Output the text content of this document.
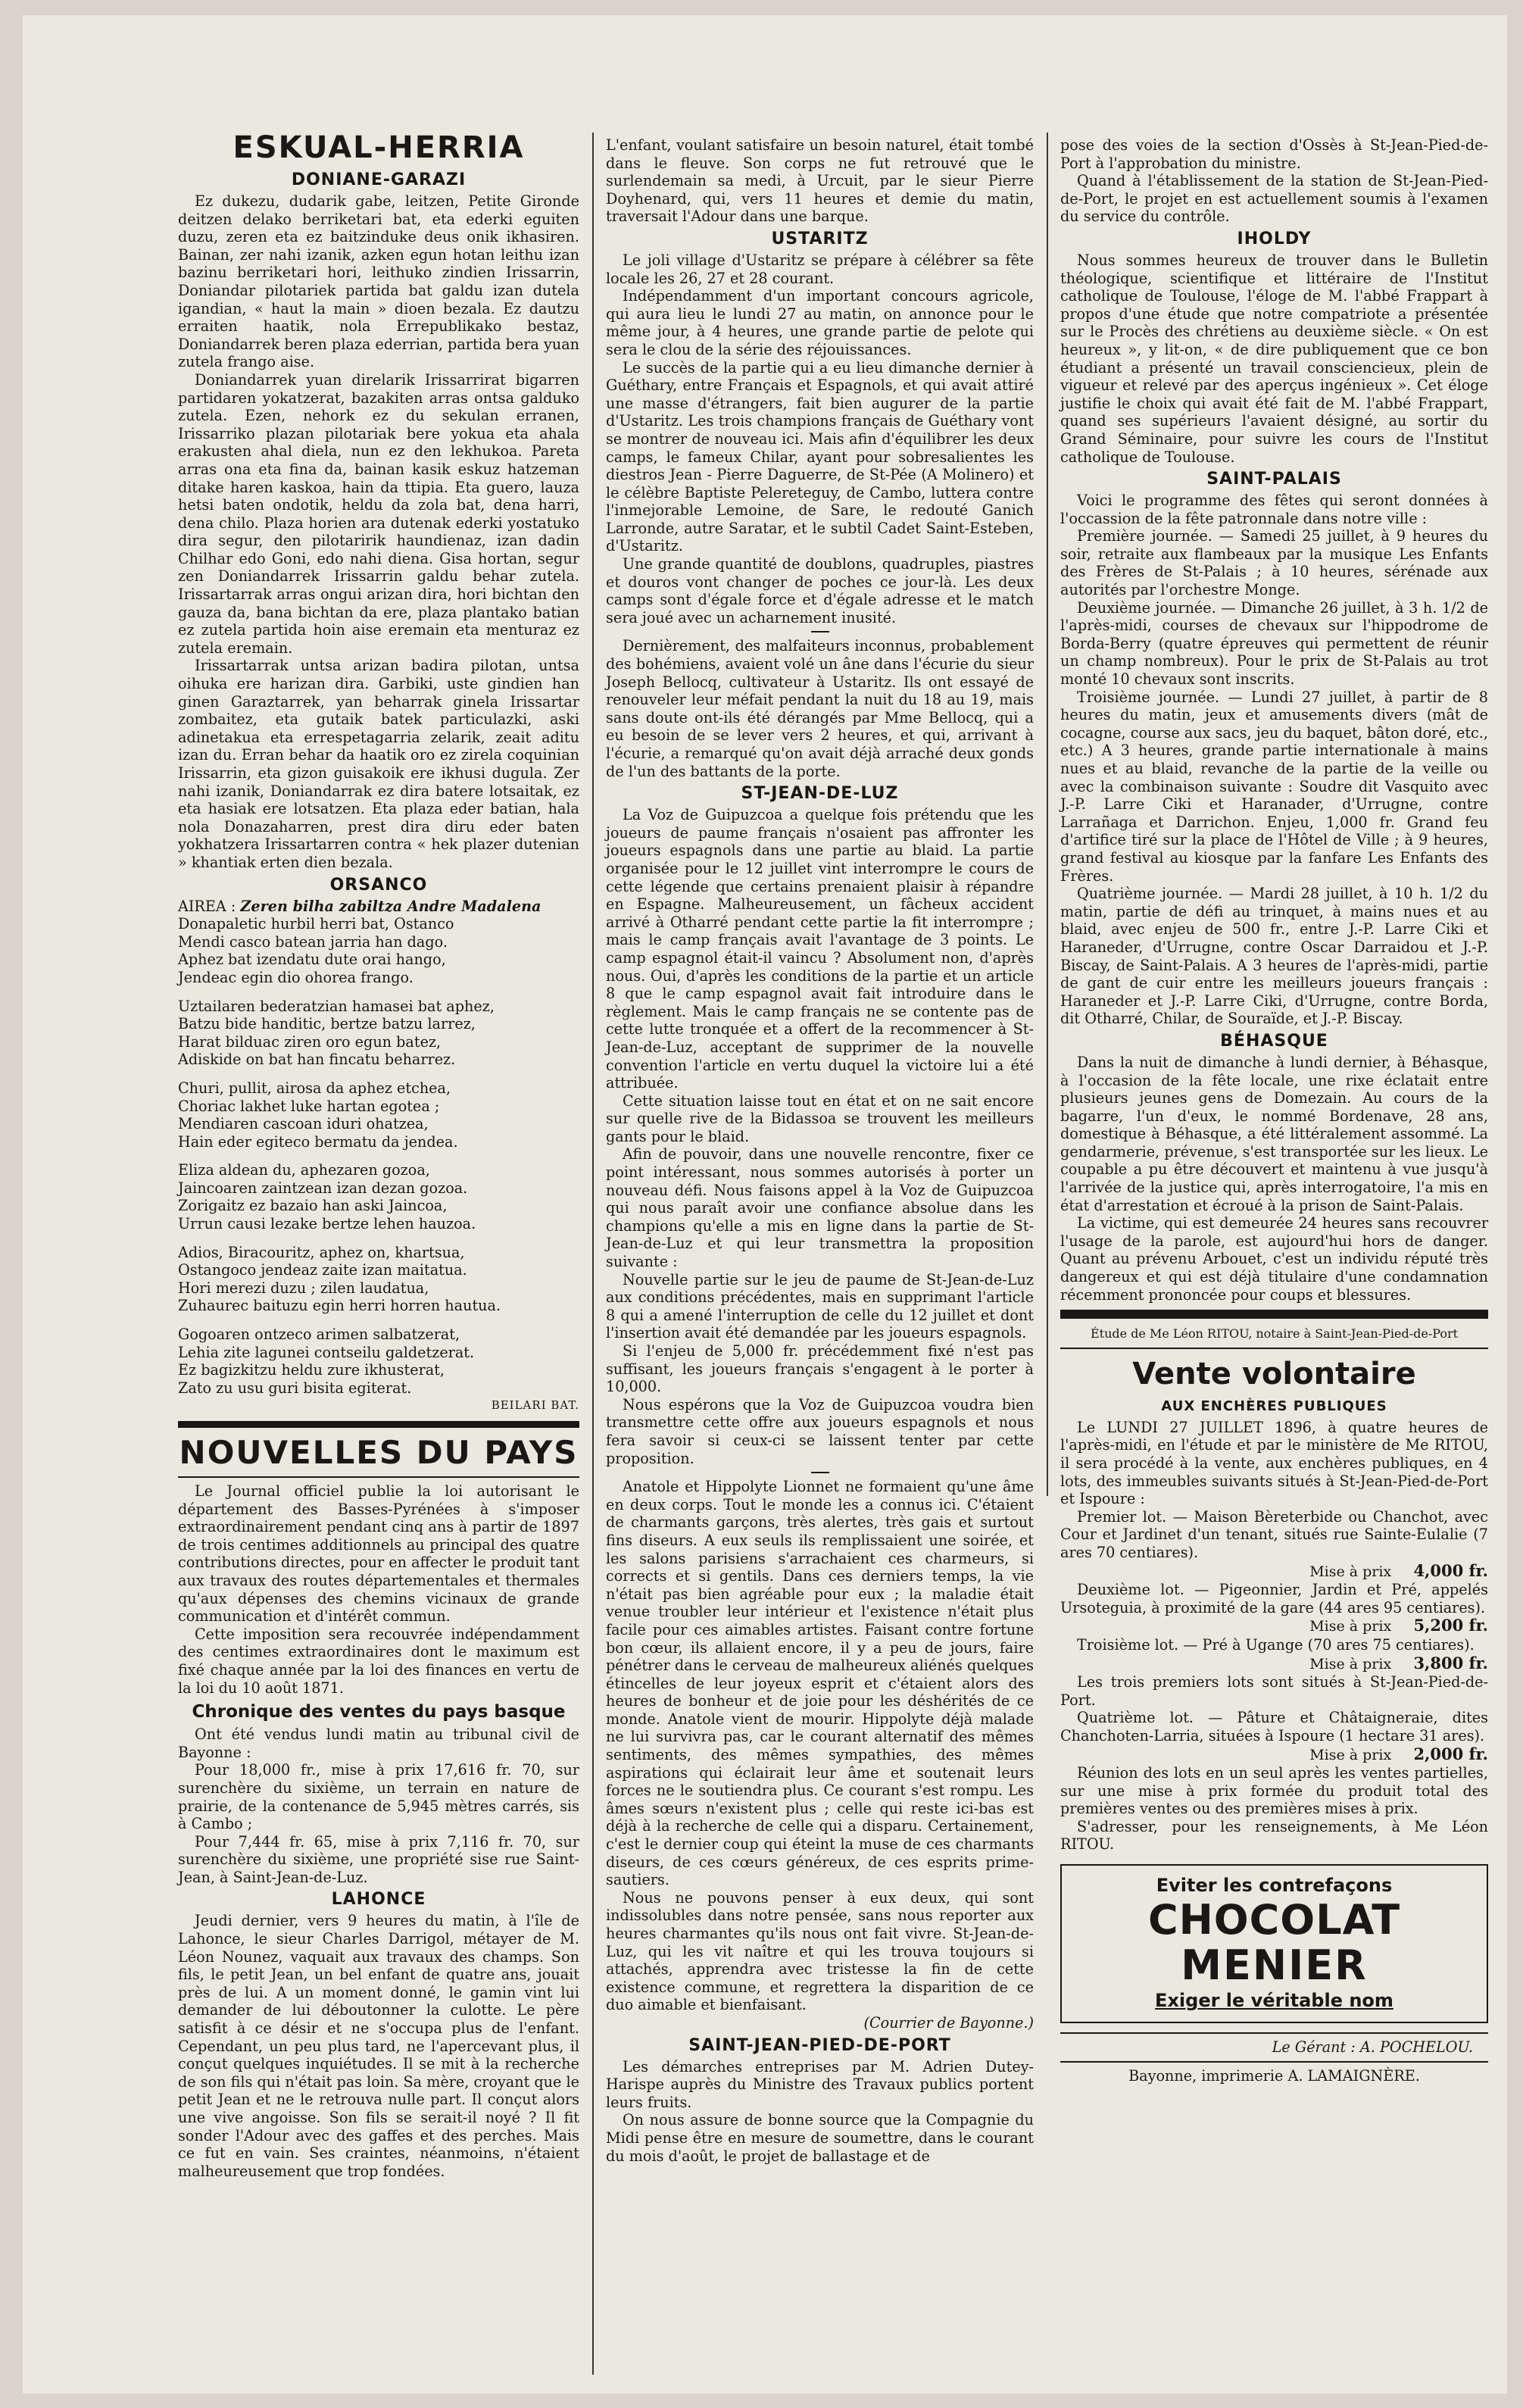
ESKUAL-HERRIA
DONIANE-GARAZI

Ez dukezu, dudarik gabe, leitzen, Petite Gironde deitzen delako berriketari bat, eta ederki eguiten duzu, zeren eta ez baitzinduke deus onik ikhasiren. Bainan, zer nahi izanik, azken egun hotan leithu izan bazinu berriketari hori, leithuko zindien Irissarrin, Doniandar pilotariek partida bat galdu izan dutela igandian, « haut la main » dioen bezala. Ez dautzu erraiten haatik, nola Errepublikako bestaz, Doniandarrek beren plaza ederrian, partida bera yuan zutela frango aise.

Doniandarrek yuan direlarik Irissarrirat bigarren partidaren yokatzerat, bazakiten arras ontsa galduko zutela. Ezen, nehork ez du sekulan erranen, Irissarriko plazan pilotariak bere yokua eta ahala erakusten ahal diela, nun ez den lekhukoa. Pareta arras ona eta fina da, bainan kasik eskuz hatzeman ditake haren kaskoa, hain da ttipia. Eta guero, lauza hetsi baten ondotik, heldu da zola bat, dena harri, dena chilo. Plaza horien ara dutenak ederki yostatuko dira segur, den pilotaririk haundienaz, izan dadin Chilhar edo Goni, edo nahi diena. Gisa hortan, segur zen Doniandarrek Irissarrin galdu behar zutela. Irissartarrak arras ongui arizan dira, hori bichtan den gauza da, bana bichtan da ere, plaza plantako batian ez zutela partida hoin aise eremain eta menturaz ez zutela eremain.

Irissartarrak untsa arizan badira pilotan, untsa oihuka ere harizan dira. Garbiki, uste gindien han ginen Garaztarrek, yan beharrak ginela Irissartar zombaitez, eta gutaik batek particulazki, aski adinetakua eta errespetagarria zelarik, zeait aditu izan du. Erran behar da haatik oro ez zirela coquinian Irissarrin, eta gizon guisakoik ere ikhusi dugula. Zer nahi izanik, Doniandarrak ez dira batere lotsaitak, ez eta hasiak ere lotsatzen. Eta plaza eder batian, hala nola Donazaharren, prest dira diru eder baten yokhatzera Irissartarren contra « hek plazer dutenian » khantiak erten dien bezala.

ORSANCO

AIREA : Zeren bilha zabiltza Andre Madalena

Donapaletic hurbil herri bat, Ostanco

Mendi casco batean jarria han dago.

Aphez bat izendatu dute orai hango,

Jendeac egin dio ohorea frango.

Uztailaren bederatzian hamasei bat aphez,

Batzu bide handitic, bertze batzu larrez,

Harat bilduac ziren oro egun batez,

Adiskide on bat han fincatu beharrez.

Churi, pullit, airosa da aphez etchea,

Choriac lakhet luke hartan egotea ;

Mendiaren cascoan iduri ohatzea,

Hain eder egiteco bermatu da jendea.

Eliza aldean du, aphezaren gozoa,

Jaincoaren zaintzean izan dezan gozoa.

Zorigaitz ez bazaio han aski Jaincoa,

Urrun causi lezake bertze lehen hauzoa.

Adios, Biracouritz, aphez on, khartsua,

Ostangoco jendeaz zaite izan maitatua.

Hori merezi duzu ; zilen laudatua,

Zuhaurec baituzu egin herri horren hautua.

Gogoaren ontzeco arimen salbatzerat,

Lehia zite lagunei contseilu galdetzerat.

Ez bagizkitzu heldu zure ikhusterat,

Zato zu usu guri bisita egiterat.

BEILARI BAT.
NOUVELLES DU PAYS

Le Journal officiel publie la loi autorisant le département des Basses-Pyrénées à s'imposer extraordinairement pendant cinq ans à partir de 1897 de trois centimes additionnels au principal des quatre contributions directes, pour en affecter le produit tant aux travaux des routes départementales et thermales qu'aux dépenses des chemins vicinaux de grande communication et d'intérêt commun.

Cette imposition sera recouvrée indépendamment des centimes extraordinaires dont le maximum est fixé chaque année par la loi des finances en vertu de la loi du 10 août 1871.

Chronique des ventes du pays basque

Ont été vendus lundi matin au tribunal civil de Bayonne :

Pour 18,000 fr., mise à prix 17,616 fr. 70, sur surenchère du sixième, un terrain en nature de prairie, de la contenance de 5,945 mètres carrés, sis à Cambo ;

Pour 7,444 fr. 65, mise à prix 7,116 fr. 70, sur surenchère du sixième, une propriété sise rue Saint-Jean, à Saint-Jean-de-Luz.

LAHONCE

Jeudi dernier, vers 9 heures du matin, à l'île de Lahonce, le sieur Charles Darrigol, métayer de M. Léon Nounez, vaquait aux travaux des champs. Son fils, le petit Jean, un bel enfant de quatre ans, jouait près de lui. A un moment donné, le gamin vint lui demander de lui déboutonner la culotte. Le père satisfit à ce désir et ne s'occupa plus de l'enfant. Cependant, un peu plus tard, ne l'apercevant plus, il conçut quelques inquiétudes. Il se mit à la recherche de son fils qui n'était pas loin. Sa mère, croyant que le petit Jean et ne le retrouva nulle part. Il conçut alors une vive angoisse. Son fils se serait-il noyé ? Il fit sonder l'Adour avec des gaffes et des perches. Mais ce fut en vain. Ses craintes, néanmoins, n'étaient malheureusement que trop fondées.

L'enfant, voulant satisfaire un besoin naturel, était tombé dans le fleuve. Son corps ne fut retrouvé que le surlendemain sa medi, à Urcuit, par le sieur Pierre Doyhenard, qui, vers 11 heures et demie du matin, traversait l'Adour dans une barque.

USTARITZ

Le joli village d'Ustaritz se prépare à célébrer sa fête locale les 26, 27 et 28 courant.

Indépendamment d'un important concours agricole, qui aura lieu le lundi 27 au matin, on annonce pour le même jour, à 4 heures, une grande partie de pelote qui sera le clou de la série des réjouissances.

Le succès de la partie qui a eu lieu dimanche dernier à Guéthary, entre Français et Espagnols, et qui avait attiré une masse d'étrangers, fait bien augurer de la partie d'Ustaritz. Les trois champions français de Guéthary vont se montrer de nouveau ici. Mais afin d'équilibrer les deux camps, le fameux Chilar, ayant pour sobresalientes les diestros Jean - Pierre Daguerre, de St-Pée (A Molinero) et le célèbre Baptiste Pelereteguy, de Cambo, luttera contre l'inmejorable Lemoine, de Sare, le redouté Ganich Larronde, autre Saratar, et le subtil Cadet Saint-Esteben, d'Ustaritz.

Une grande quantité de doublons, quadruples, piastres et douros vont changer de poches ce jour-là. Les deux camps sont d'égale force et d'égale adresse et le match sera joué avec un acharnement inusité.

Dernièrement, des malfaiteurs inconnus, probablement des bohémiens, avaient volé un âne dans l'écurie du sieur Joseph Bellocq, cultivateur à Ustaritz. Ils ont essayé de renouveler leur méfait pendant la nuit du 18 au 19, mais sans doute ont-ils été dérangés par Mme Bellocq, qui a eu besoin de se lever vers 2 heures, et qui, arrivant à l'écurie, a remarqué qu'on avait déjà arraché deux gonds de l'un des battants de la porte.

ST-JEAN-DE-LUZ

La Voz de Guipuzcoa a quelque fois prétendu que les joueurs de paume français n'osaient pas affronter les joueurs espagnols dans une partie au blaid. La partie organisée pour le 12 juillet vint interrompre le cours de cette légende que certains prenaient plaisir à répandre en Espagne. Malheureusement, un fâcheux accident arrivé à Otharré pendant cette partie la fit interrompre ; mais le camp français avait l'avantage de 3 points. Le camp espagnol était-il vaincu ? Absolument non, d'après nous. Oui, d'après les conditions de la partie et un article 8 que le camp espagnol avait fait introduire dans le règlement. Mais le camp français ne se contente pas de cette lutte tronquée et a offert de la recommencer à St-Jean-de-Luz, acceptant de supprimer de la nouvelle convention l'article en vertu duquel la victoire lui a été attribuée.

Cette situation laisse tout en état et on ne sait encore sur quelle rive de la Bidassoa se trouvent les meilleurs gants pour le blaid.

Afin de pouvoir, dans une nouvelle rencontre, fixer ce point intéressant, nous sommes autorisés à porter un nouveau défi. Nous faisons appel à la Voz de Guipuzcoa qui nous paraît avoir une confiance absolue dans les champions qu'elle a mis en ligne dans la partie de St-Jean-de-Luz et qui leur transmettra la proposition suivante :

Nouvelle partie sur le jeu de paume de St-Jean-de-Luz aux conditions précédentes, mais en supprimant l'article 8 qui a amené l'interruption de celle du 12 juillet et dont l'insertion avait été demandée par les joueurs espagnols.

Si l'enjeu de 5,000 fr. précédemment fixé n'est pas suffisant, les joueurs français s'engagent à le porter à 10,000.

Nous espérons que la Voz de Guipuzcoa voudra bien transmettre cette offre aux joueurs espagnols et nous fera savoir si ceux-ci se laissent tenter par cette proposition.

Anatole et Hippolyte Lionnet ne formaient qu'une âme en deux corps. Tout le monde les a connus ici. C'étaient de charmants garçons, très alertes, très gais et surtout fins diseurs. A eux seuls ils remplissaient une soirée, et les salons parisiens s'arrachaient ces charmeurs, si corrects et si gentils. Dans ces derniers temps, la vie n'était pas bien agréable pour eux ; la maladie était venue troubler leur intérieur et l'existence n'était plus facile pour ces aimables artistes. Faisant contre fortune bon cœur, ils allaient encore, il y a peu de jours, faire pénétrer dans le cerveau de malheureux aliénés quelques étincelles de leur joyeux esprit et c'étaient alors des heures de bonheur et de joie pour les déshérités de ce monde. Anatole vient de mourir. Hippolyte déjà malade ne lui survivra pas, car le courant alternatif des mêmes sentiments, des mêmes sympathies, des mêmes aspirations qui éclairait leur âme et soutenait leurs forces ne le soutiendra plus. Ce courant s'est rompu. Les âmes sœurs n'existent plus ; celle qui reste ici-bas est déjà à la recherche de celle qui a disparu. Certainement, c'est le dernier coup qui éteint la muse de ces charmants diseurs, de ces cœurs généreux, de ces esprits prime-sautiers.

Nous ne pouvons penser à eux deux, qui sont indissolubles dans notre pensée, sans nous reporter aux heures charmantes qu'ils nous ont fait vivre. St-Jean-de-Luz, qui les vit naître et qui les trouva toujours si attachés, apprendra avec tristesse la fin de cette existence commune, et regrettera la disparition de ce duo aimable et bienfaisant.

(Courrier de Bayonne.)

SAINT-JEAN-PIED-DE-PORT

Les démarches entreprises par M. Adrien Dutey-Harispe auprès du Ministre des Travaux publics portent leurs fruits.

On nous assure de bonne source que la Compagnie du Midi pense être en mesure de soumettre, dans le courant du mois d'août, le projet de ballastage et de

pose des voies de la section d'Ossès à St-Jean-Pied-de-Port à l'approbation du ministre.

Quand à l'établissement de la station de St-Jean-Pied-de-Port, le projet en est actuellement soumis à l'examen du service du contrôle.

IHOLDY

Nous sommes heureux de trouver dans le Bulletin théologique, scientifique et littéraire de l'Institut catholique de Toulouse, l'éloge de M. l'abbé Frappart à propos d'une étude que notre compatriote a présentée sur le Procès des chrétiens au deuxième siècle. « On est heureux », y lit-on, « de dire publiquement que ce bon étudiant a présenté un travail consciencieux, plein de vigueur et relevé par des aperçus ingénieux ». Cet éloge justifie le choix qui avait été fait de M. l'abbé Frappart, quand ses supérieurs l'avaient désigné, au sortir du Grand Séminaire, pour suivre les cours de l'Institut catholique de Toulouse.

SAINT-PALAIS

Voici le programme des fêtes qui seront données à l'occassion de la fête patronnale dans notre ville :

Première journée. — Samedi 25 juillet, à 9 heures du soir, retraite aux flambeaux par la musique Les Enfants des Frères de St-Palais ; à 10 heures, sérénade aux autorités par l'orchestre Monge.

Deuxième journée. — Dimanche 26 juillet, à 3 h. 1/2 de l'après-midi, courses de chevaux sur l'hippodrome de Borda-Berry (quatre épreuves qui permettent de réunir un champ nombreux). Pour le prix de St-Palais au trot monté 10 chevaux sont inscrits.

Troisième journée. — Lundi 27 juillet, à partir de 8 heures du matin, jeux et amusements divers (mât de cocagne, course aux sacs, jeu du baquet, bâton doré, etc., etc.) A 3 heures, grande partie internationale à mains nues et au blaid, revanche de la partie de la veille ou avec la combinaison suivante : Soudre dit Vasquito avec J.-P. Larre Ciki et Haranader, d'Urrugne, contre Larrañaga et Darrichon. Enjeu, 1,000 fr. Grand feu d'artifice tiré sur la place de l'Hôtel de Ville ; à 9 heures, grand festival au kiosque par la fanfare Les Enfants des Frères.

Quatrième journée. — Mardi 28 juillet, à 10 h. 1/2 du matin, partie de défi au trinquet, à mains nues et au blaid, avec enjeu de 500 fr., entre J.-P. Larre Ciki et Haraneder, d'Urrugne, contre Oscar Darraidou et J.-P. Biscay, de Saint-Palais. A 3 heures de l'après-midi, partie de gant de cuir entre les meilleurs joueurs français : Haraneder et J.-P. Larre Ciki, d'Urrugne, contre Borda, dit Otharré, Chilar, de Souraïde, et J.-P. Biscay.

BÉHASQUE

Dans la nuit de dimanche à lundi dernier, à Béhasque, à l'occasion de la fête locale, une rixe éclatait entre plusieurs jeunes gens de Domezain. Au cours de la bagarre, l'un d'eux, le nommé Bordenave, 28 ans, domestique à Béhasque, a été littéralement assommé. La gendarmerie, prévenue, s'est transportée sur les lieux. Le coupable a pu être découvert et maintenu à vue jusqu'à l'arrivée de la justice qui, après interrogatoire, l'a mis en état d'arrestation et écroué à la prison de Saint-Palais.

La victime, qui est demeurée 24 heures sans recouvrer l'usage de la parole, est aujourd'hui hors de danger. Quant au prévenu Arbouet, c'est un individu réputé très dangereux et qui est déjà titulaire d'une condamnation récemment prononcée pour coups et blessures.

Étude de Me Léon RITOU, notaire à Saint-Jean-Pied-de-Port

Vente volontaire
AUX ENCHÈRES PUBLIQUES

Le LUNDI 27 JUILLET 1896, à quatre heures de l'après-midi, en l'étude et par le ministère de Me RITOU, il sera procédé à la vente, aux enchères publiques, en 4 lots, des immeubles suivants situés à St-Jean-Pied-de-Port et Ispoure :

Premier lot. — Maison Bèreterbide ou Chanchot, avec Cour et Jardinet d'un tenant, situés rue Sainte-Eulalie (7 ares 70 centiares).

Mise à prix 4,000 fr.

Deuxième lot. — Pigeonnier, Jardin et Pré, appelés Ursoteguia, à proximité de la gare (44 ares 95 centiares).

Mise à prix 5,200 fr.

Troisième lot. — Pré à Ugange (70 ares 75 centiares).

Mise à prix 3,800 fr.

Les trois premiers lots sont situés à St-Jean-Pied-de-Port.

Quatrième lot. — Pâture et Châtaigneraie, dites Chanchoten-Larria, situées à Ispoure (1 hectare 31 ares).

Mise à prix 2,000 fr.

Réunion des lots en un seul après les ventes partielles, sur une mise à prix formée du produit total des premières ventes ou des premières mises à prix.

S'adresser, pour les renseignements, à Me Léon RITOU.

Eviter les contrefaçons
CHOCOLAT
MENIER
Exiger le véritable nom

Le Gérant : A. POCHELOU.

Bayonne, imprimerie A. LAMAIGNÈRE.
